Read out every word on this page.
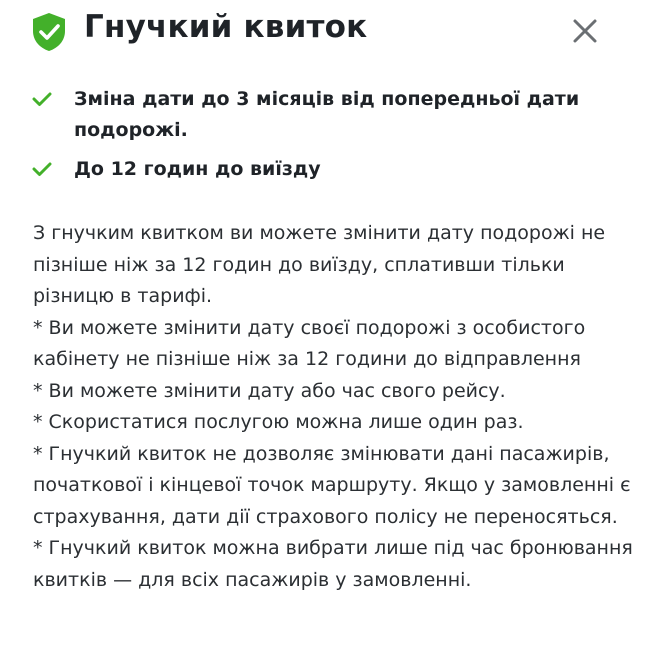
Гнучкий квиток
Зміна дати до 3 місяців від попередньої дати подорожі.
До 12 годин до виїзду

З гнучким квитком ви можете змінити дату подорожі не пізніше ніж за 12 годин до виїзду, сплативши тільки різницю в тарифі.
* Ви можете змінити дату своєї подорожі з особистого кабінету не пізніше ніж за 12 години до відправлення
* Ви можете змінити дату або час свого рейсу.
* Скористатися послугою можна лише один раз.
* Гнучкий квиток не дозволяє змінювати дані пасажирів, початкової і кінцевої точок маршруту. Якщо у замовленні є страхування, дати дії страхового полісу не переносяться.
* Гнучкий квиток можна вибрати лише під час бронювання квитків — для всіх пасажирів у замовленні.
